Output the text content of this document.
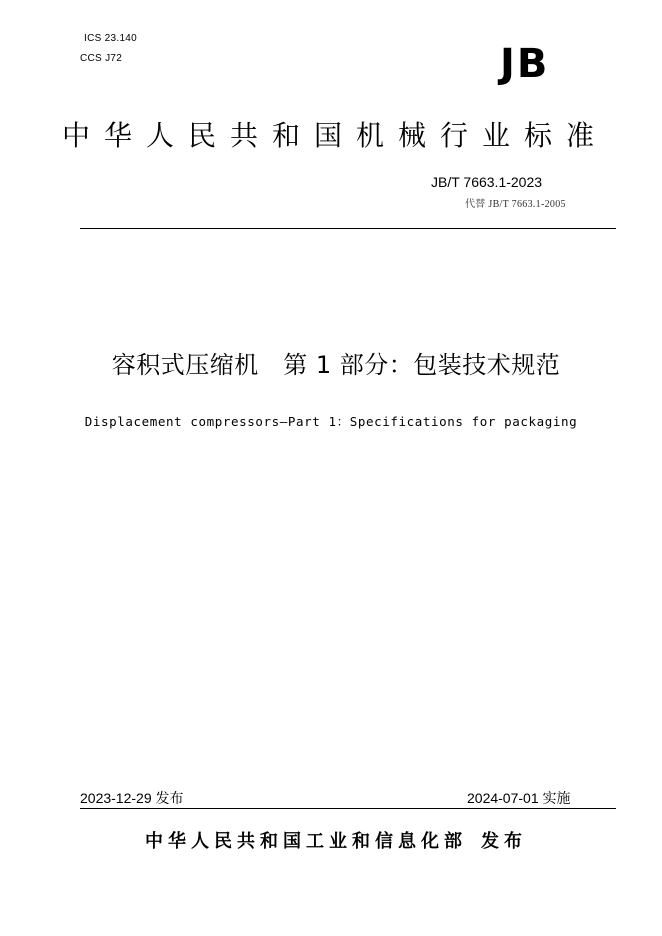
ICS 23.140
CCS J72	JB
中华人民共和国机械行业标准
JB/T 7663.1-2023
代替 JB/T 7663.1-2005
容积式压缩机　第 1 部分：包装技术规范
Displacement compressors—Part 1：Specifications for packaging
2023-12-29 发布	2024-07-01 实施
中华人民共和国工业和信息化部 发布
